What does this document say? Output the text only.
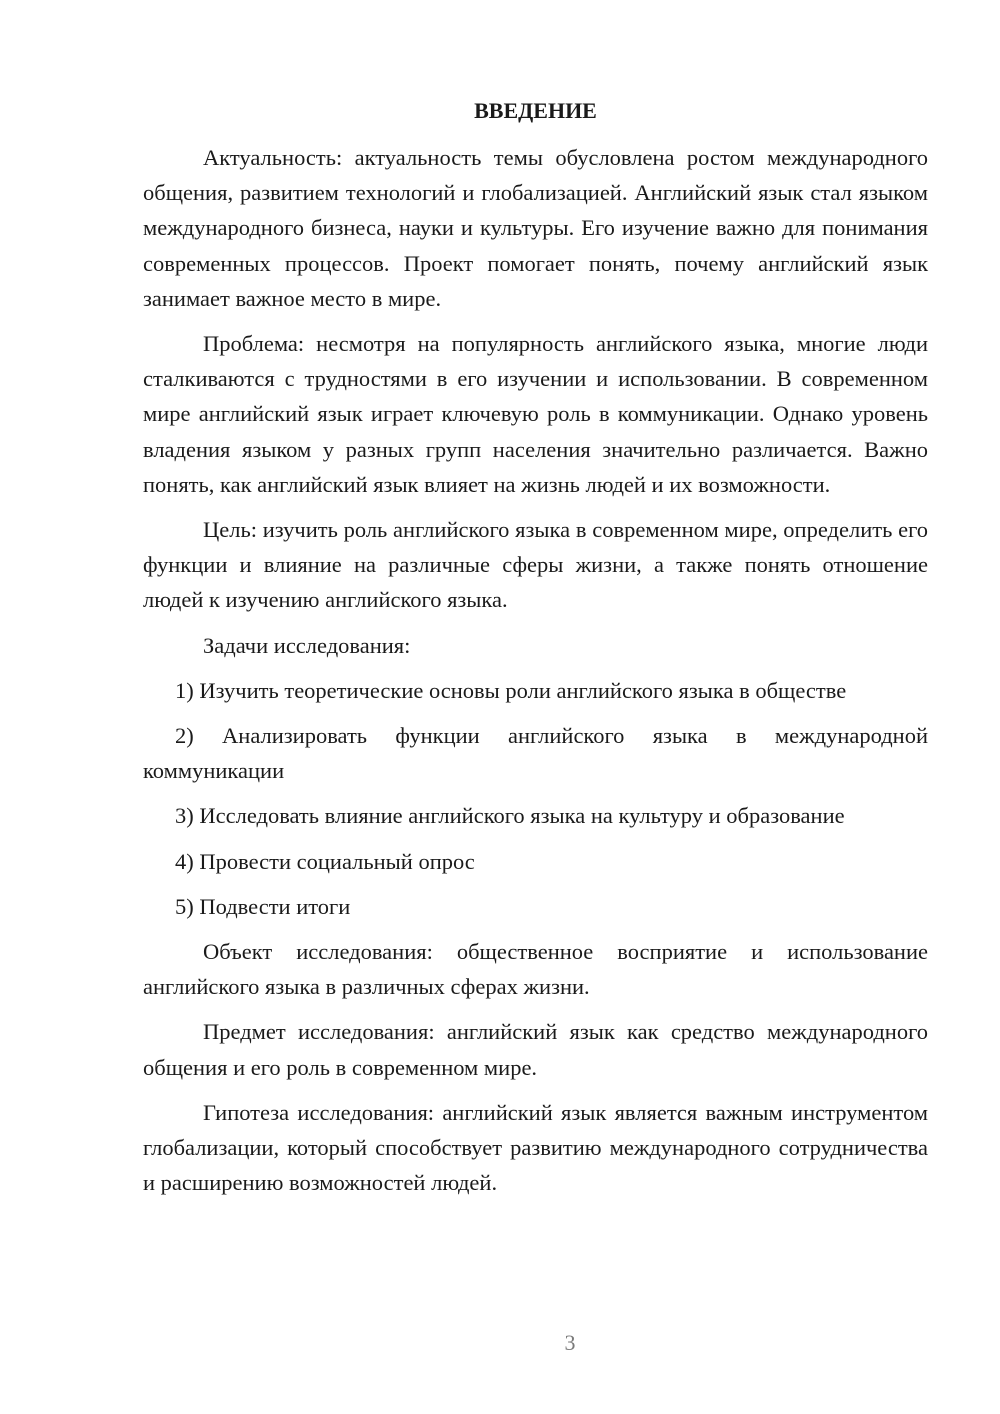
ВВЕДЕНИЕ

Актуальность: актуальность темы обусловлена ростом международного общения, развитием технологий и глобализацией. Английский язык стал языком международного бизнеса, науки и культуры. Его изучение важно для понимания современных процессов. Проект помогает понять, почему английский язык занимает важное место в мире.

Проблема: несмотря на популярность английского языка, многие люди сталкиваются с трудностями в его изучении и использовании. В современном мире английский язык играет ключевую роль в коммуникации. Однако уровень владения языком у разных групп населения значительно различается. Важно понять, как английский язык влияет на жизнь людей и их возможности.

Цель: изучить роль английского языка в современном мире, определить его функции и влияние на различные сферы жизни, а также понять отношение людей к изучению английского языка.

Задачи исследования:

1) Изучить теоретические основы роли английского языка в обществе

2) Анализировать функции английского языка в международной коммуникации

3) Исследовать влияние английского языка на культуру и образование

4) Провести социальный опрос

5) Подвести итоги

Объект исследования: общественное восприятие и использование английского языка в различных сферах жизни.

Предмет исследования: английский язык как средство международного общения и его роль в современном мире.

Гипотеза исследования: английский язык является важным инструментом глобализации, который способствует развитию международного сотрудничества и расширению возможностей людей.

3
